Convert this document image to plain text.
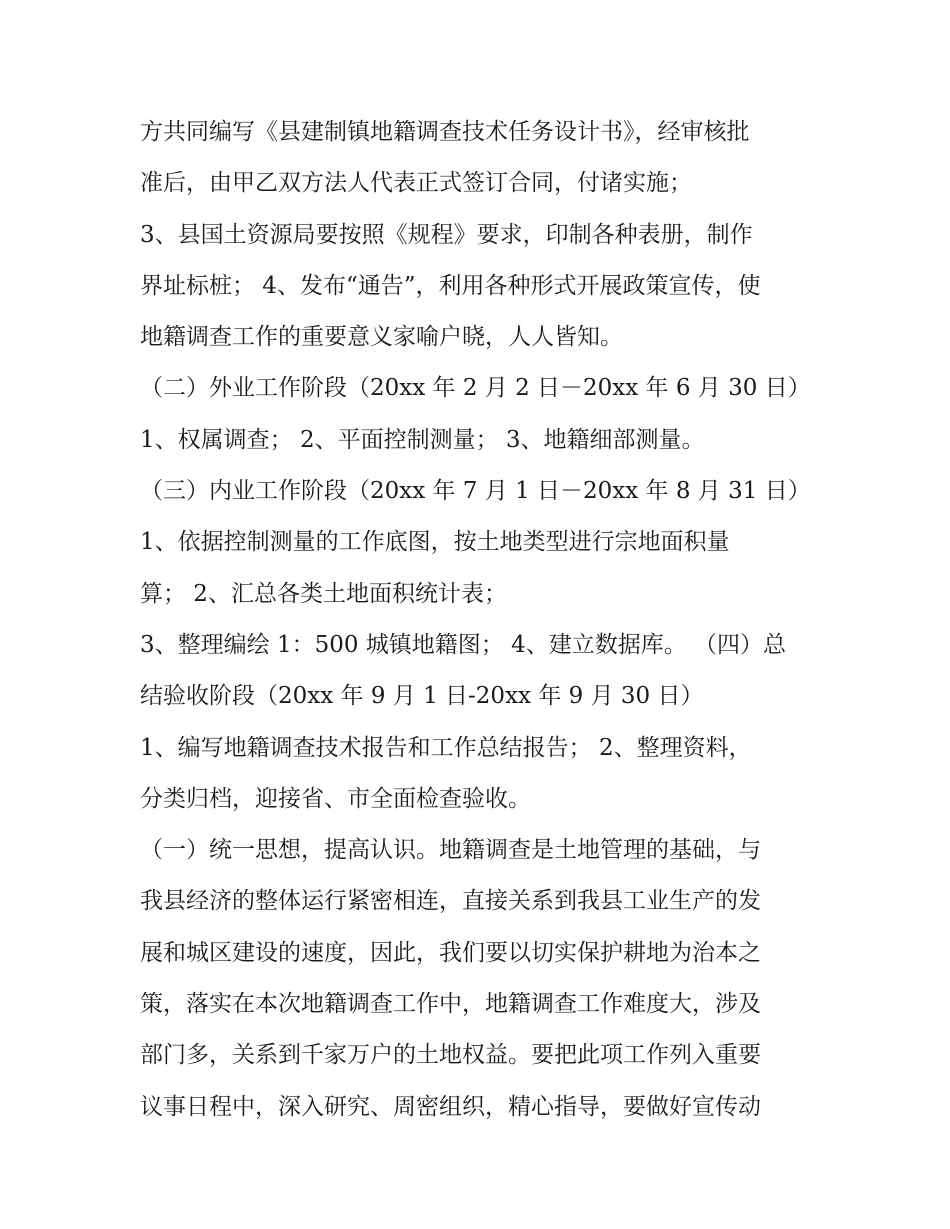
方共同编写《县建制镇地籍调查技术任务设计书》，经审核批
准后，由甲乙双方法人代表正式签订合同，付诸实施；
3、县国土资源局要按照《规程》要求，印制各种表册，制作
界址标桩； 4、发布“通告”，利用各种形式开展政策宣传，使
地籍调查工作的重要意义家喻户晓，人人皆知。
（二）外业工作阶段（20xx 年 2 月 2 日－20xx 年 6 月 30 日）
1、权属调查； 2、平面控制测量； 3、地籍细部测量。
（三）内业工作阶段（20xx 年 7 月 1 日－20xx 年 8 月 31 日）
1、依据控制测量的工作底图，按土地类型进行宗地面积量
算； 2、汇总各类土地面积统计表；
3、整理编绘 1：500 城镇地籍图； 4、建立数据库。 （四）总
结验收阶段（20xx 年 9 月 1 日-20xx 年 9 月 30 日）
1、编写地籍调查技术报告和工作总结报告； 2、整理资料，
分类归档，迎接省、市全面检查验收。
（一）统一思想，提高认识。地籍调查是土地管理的基础，与
我县经济的整体运行紧密相连，直接关系到我县工业生产的发
展和城区建设的速度，因此，我们要以切实保护耕地为治本之
策，落实在本次地籍调查工作中，地籍调查工作难度大，涉及
部门多，关系到千家万户的土地权益。要把此项工作列入重要
议事日程中，深入研究、周密组织，精心指导，要做好宣传动
